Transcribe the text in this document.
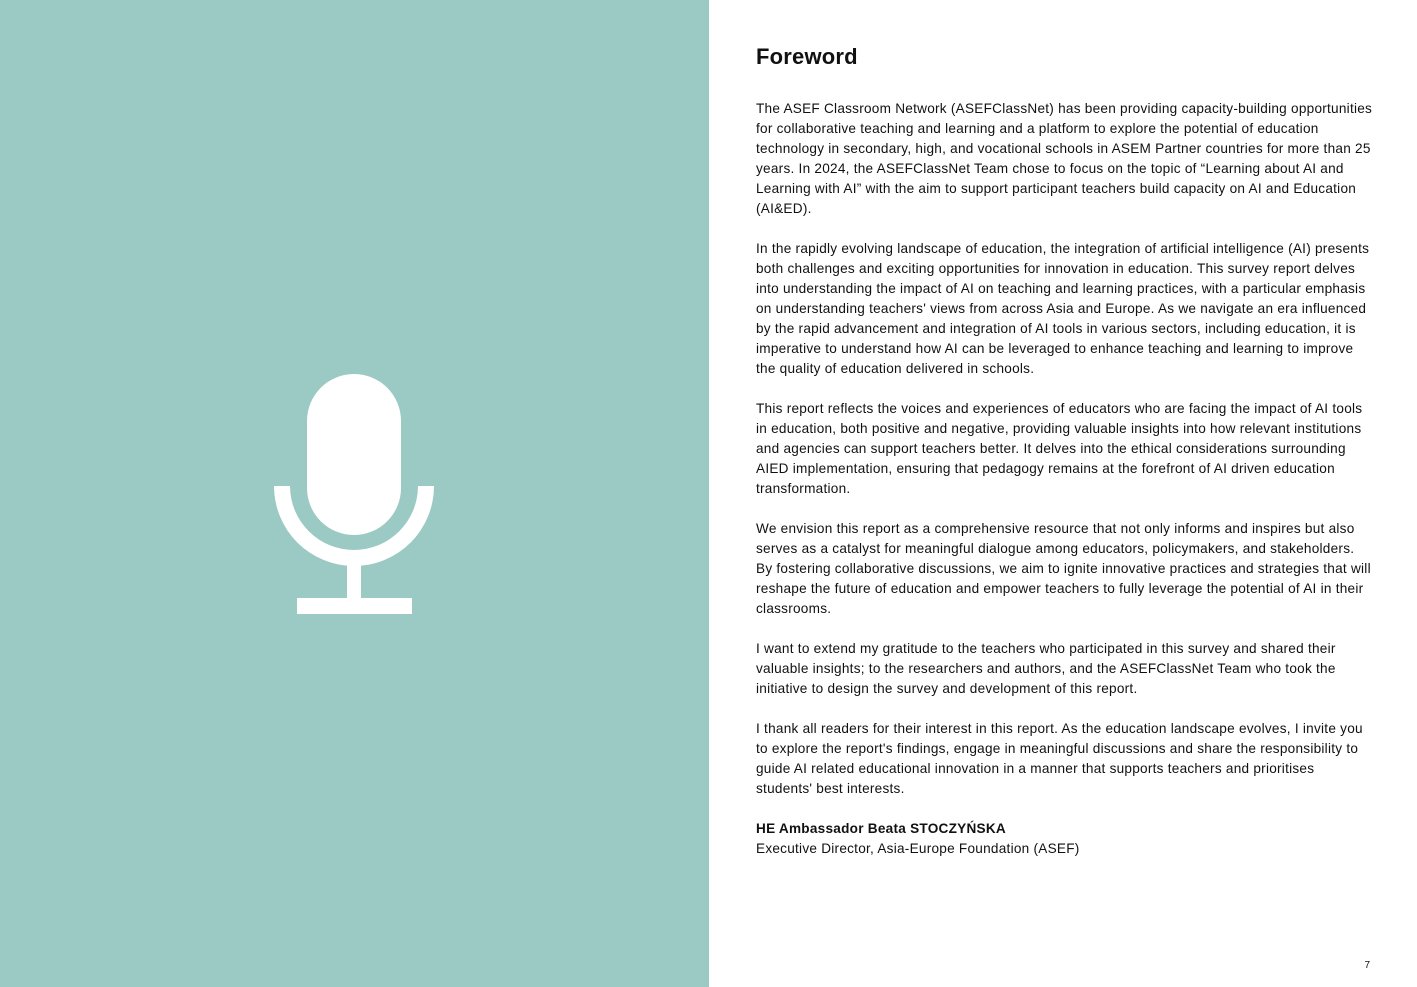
Foreword

The ASEF Classroom Network (ASEFClassNet) has been providing capacity-building opportunities for collaborative teaching and learning and a platform to explore the potential of education technology in secondary, high, and vocational schools in ASEM Partner countries for more than 25 years. In 2024, the ASEFClassNet Team chose to focus on the topic of “Learning about AI and Learning with AI” with the aim to support participant teachers build capacity on AI and Education (AI&ED).

In the rapidly evolving landscape of education, the integration of artificial intelligence (AI) presents both challenges and exciting opportunities for innovation in education. This survey report delves into understanding the impact of AI on teaching and learning practices, with a particular emphasis on understanding teachers' views from across Asia and Europe. As we navigate an era influenced by the rapid advancement and integration of AI tools in various sectors, including education, it is imperative to understand how AI can be leveraged to enhance teaching and learning to improve the quality of education delivered in schools.

This report reflects the voices and experiences of educators who are facing the impact of AI tools in education, both positive and negative, providing valuable insights into how relevant institutions and agencies can support teachers better. It delves into the ethical considerations surrounding AIED implementation, ensuring that pedagogy remains at the forefront of AI driven education transformation.

We envision this report as a comprehensive resource that not only informs and inspires but also serves as a catalyst for meaningful dialogue among educators, policymakers, and stakeholders. By fostering collaborative discussions, we aim to ignite innovative practices and strategies that will reshape the future of education and empower teachers to fully leverage the potential of AI in their classrooms.

I want to extend my gratitude to the teachers who participated in this survey and shared their valuable insights; to the researchers and authors, and the ASEFClassNet Team who took the initiative to design the survey and development of this report.

I thank all readers for their interest in this report. As the education landscape evolves, I invite you to explore the report's findings, engage in meaningful discussions and share the responsibility to guide AI related educational innovation in a manner that supports teachers and prioritises students' best interests.

HE Ambassador Beata STOCZYŃSKA

Executive Director, Asia-Europe Foundation (ASEF)

7
